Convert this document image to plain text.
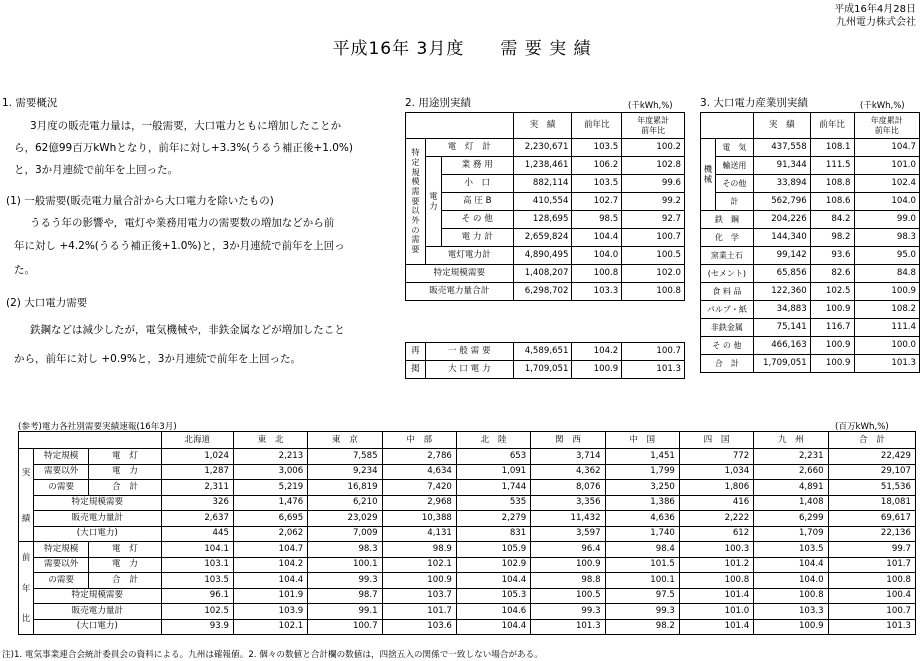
平成16年4月28日
九州電力株式会社
平成16年 3月度　　需 要 実 績
1. 需要概況
3月度の販売電力量は，一般需要，大口電力ともに増加したことか
ら，62億99百万kWhとなり，前年に対し+3.3%(うるう補正後+1.0%)
と，3か月連続で前年を上回った。
(1) 一般需要(販売電力量合計から大口電力を除いたもの)
うるう年の影響や，電灯や業務用電力の需要数の増加などから前
年に対し +4.2%(うるう補正後+1.0%)と，3か月連続で前年を上回っ
た。
(2) 大口電力需要
鉄鋼などは減少したが，電気機械や，非鉄金属などが増加したこと
から，前年に対し +0.9%と，3か月連続で前年を上回った。
2. 用途別実績	(千kWh,%)
			実　績	前年比	年度累計
前年比
特定規模需要以外の需要	電　灯　計		2,230,671	103.5	100.2
	電 力	業 務 用	1,238,461	106.2	102.8
		小　口	882,114	103.5	99.6
		高 圧 B	410,554	102.7	99.2
		そ の 他	128,695	98.5	92.7
		電 力 計	2,659,824	104.4	100.7
	電灯電力計		4,890,495	104.0	100.5
特定規模需要			1,408,207	100.8	102.0
販売電力量合計			6,298,702	103.3	100.8
再	一 般 需 要	4,589,651	104.2	100.7
掲	大 口 電 力	1,709,051	100.9	101.3
3. 大口電力産業別実績	(千kWh,%)
		実　績	前年比	年度累計
前年比
機械	電　気	437,558	108.1	104.7
	輸送用	91,344	111.5	101.0
	その他	33,894	108.8	102.4
	計	562,796	108.6	104.0
鉄　鋼		204,226	84.2	99.0
化　学		144,340	98.2	98.3
窯業土石		99,142	93.6	95.0
(セメント)		65,856	82.6	84.8
食 料 品		122,360	102.5	100.9
パルプ・紙		34,883	100.9	108.2
非鉄金属		75,141	116.7	111.4
そ の 他		466,163	100.9	100.0
合　計		1,709,051	100.9	101.3
(参考)電力各社別需要実績速報(16年3月)	(百万kWh,%)
			北海道	東　北	東　京	中　部	北　陸	関　西	中　国	四　国	九　州	合　計

実
績	特定規模	電　灯	1,024	2,213	7,585	2,786	653	3,714	1,451	772	2,231	22,429
	需要以外	電　力	1,287	3,006	9,234	4,634	1,091	4,362	1,799	1,034	2,660	29,107
	の需要	合　計	2,311	5,219	16,819	7,420	1,744	8,076	3,250	1,806	4,891	51,536
	特定規模需要		326	1,476	6,210	2,968	535	3,356	1,386	416	1,408	18,081
	販売電力量計		2,637	6,695	23,029	10,388	2,279	11,432	4,636	2,222	6,299	69,617
	(大口電力)		445	2,062	7,009	4,131	831	3,597	1,740	612	1,709	22,136

前
年
比	特定規模	電　灯	104.1	104.7	98.3	98.9	105.9	96.4	98.4	100.3	103.5	99.7
	需要以外	電　力	103.1	104.2	100.1	102.1	102.9	100.9	101.5	101.2	104.4	101.7
	の需要	合　計	103.5	104.4	99.3	100.9	104.4	98.8	100.1	100.8	104.0	100.8
	特定規模需要		96.1	101.9	98.7	103.7	105.3	100.5	97.5	101.4	100.8	100.4
	販売電力量計		102.5	103.9	99.1	101.7	104.6	99.3	99.3	101.0	103.3	100.7
	(大口電力)		93.9	102.1	100.7	103.6	104.4	101.3	98.2	101.4	100.9	101.3
注)1. 電気事業連合会統計委員会の資料による。九州は確報値。2. 個々の数値と合計欄の数値は，四捨五入の関係で一致しない場合がある。
